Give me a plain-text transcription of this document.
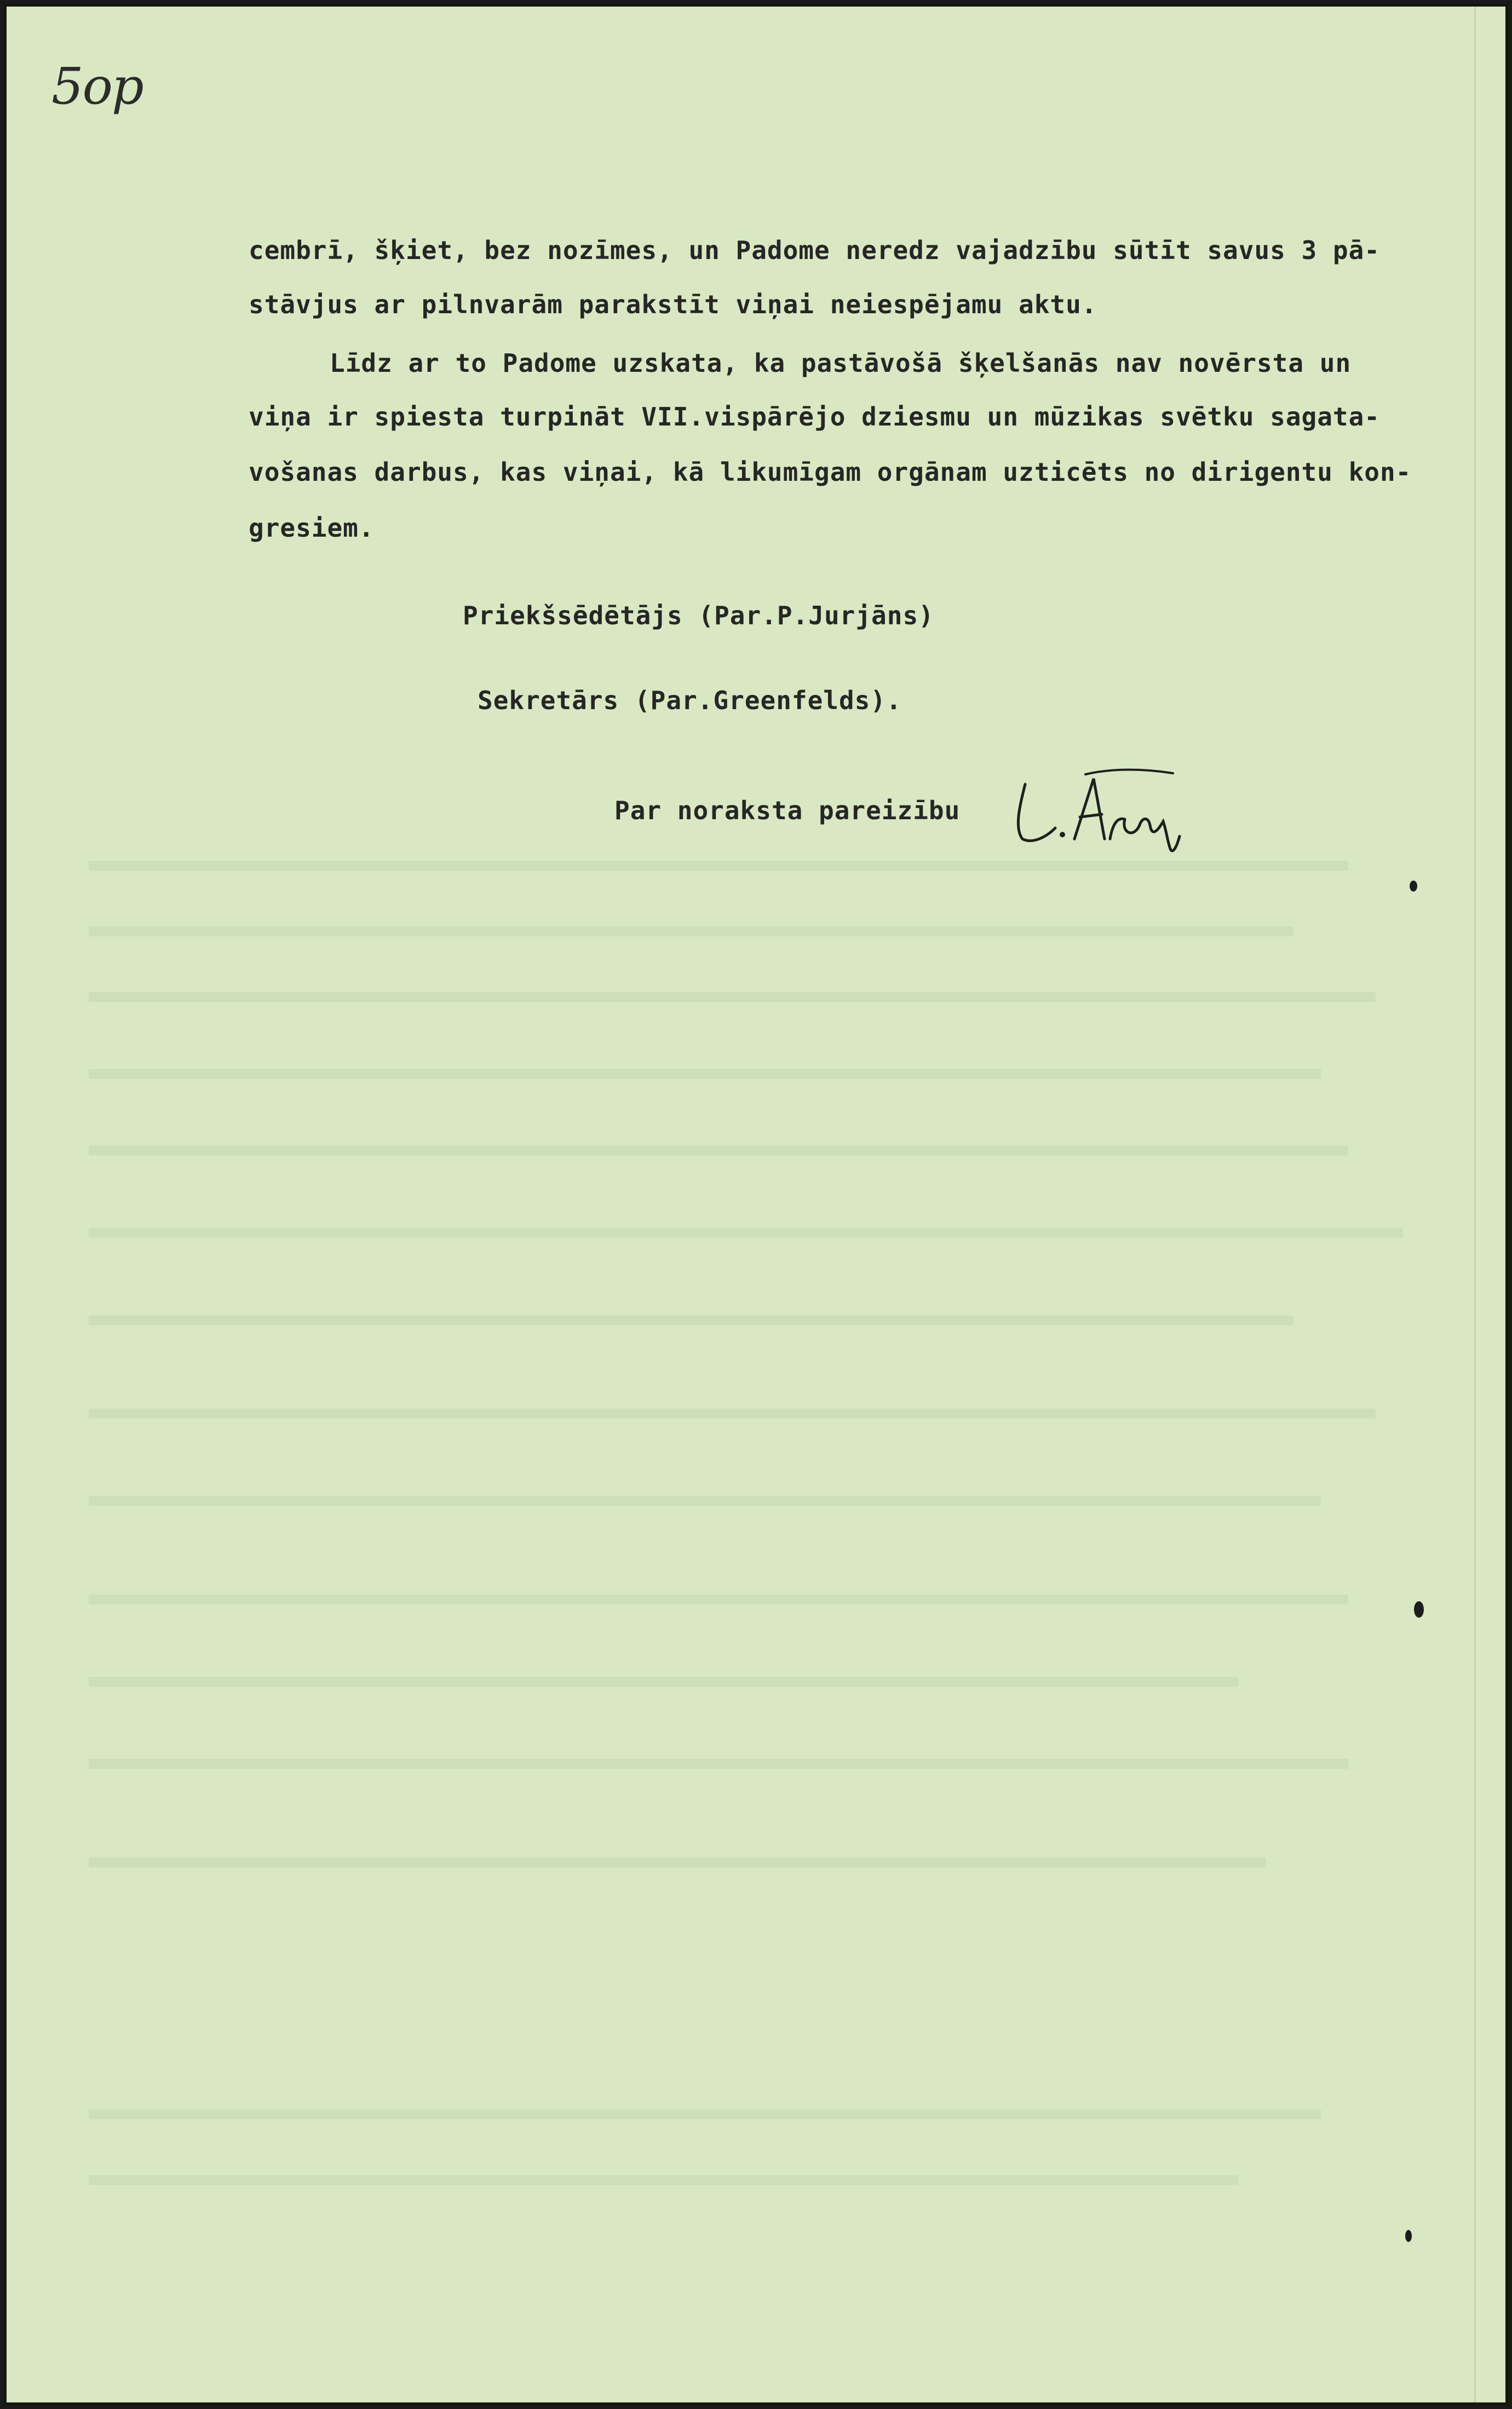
5op

cembrī, šķiet, bez nozīmes, un Padome neredz vajadzību sūtīt savus 3 pā-

stāvjus ar pilnvarām parakstīt viņai neiespējamu aktu.

Līdz ar to Padome uzskata, ka pastāvošā šķelšanās nav novērsta un

viņa ir spiesta turpināt VII.vispārējo dziesmu un mūzikas svētku sagata-

vošanas darbus, kas viņai, kā likumīgam orgānam uzticēts no dirigentu kon-

gresiem.

Priekšsēdētājs (Par.P.Jurjāns)
Sekretārs (Par.Greenfelds).
Par noraksta pareizību
